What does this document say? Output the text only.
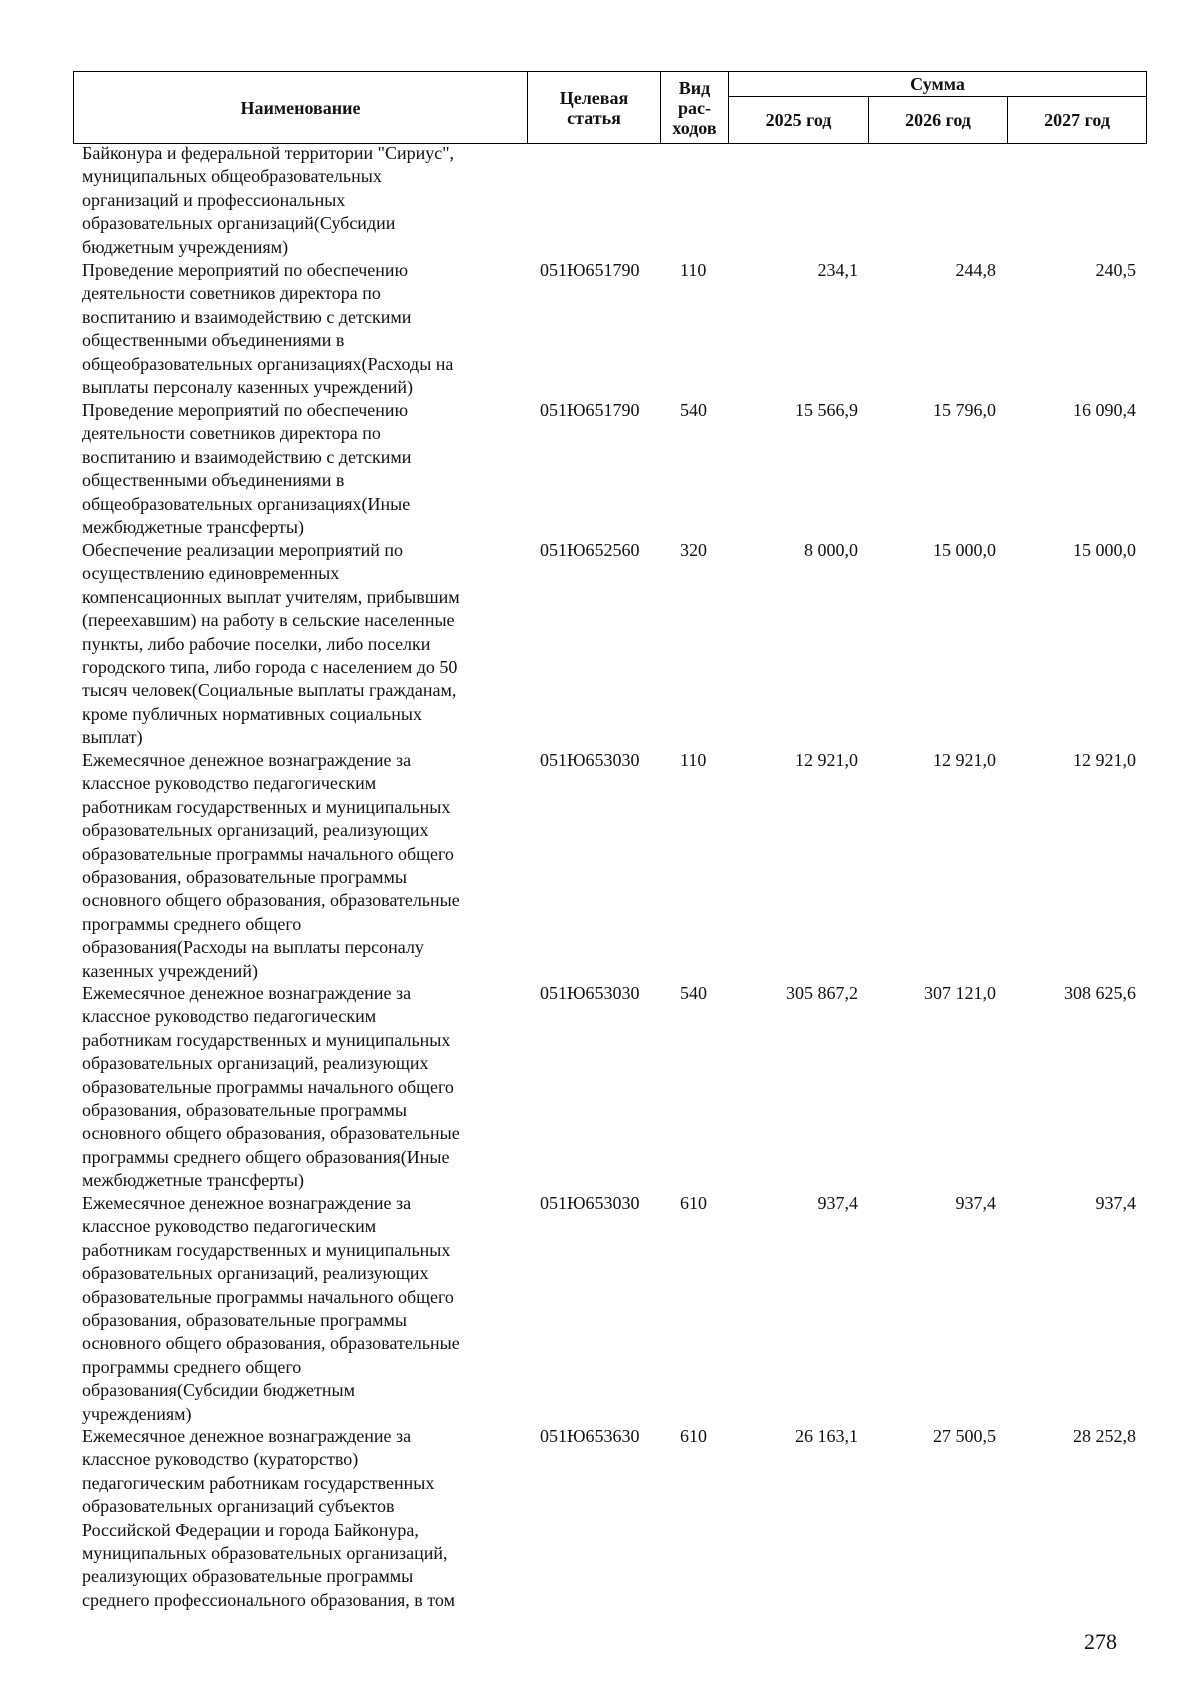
Наименование	Целевая статья	Вид рас-ходов	Сумма		
			2025 год	2026 год	2027 год
Байконура и федеральной территории "Сириус",
муниципальных общеобразовательных
организаций и профессиональных
образовательных организаций(Субсидии
бюджетным учреждениям)
Проведение мероприятий по обеспечению
деятельности советников директора по
воспитанию и взаимодействию с детскими
общественными объединениями в
общеобразовательных организациях(Расходы на
выплаты персоналу казенных учреждений)
051Ю651790 110	234,1	244,8	240,5
Проведение мероприятий по обеспечению
деятельности советников директора по
воспитанию и взаимодействию с детскими
общественными объединениями в
общеобразовательных организациях(Иные
межбюджетные трансферты)
051Ю651790 540	15 566,9	15 796,0	16 090,4
Обеспечение реализации мероприятий по
осуществлению единовременных
компенсационных выплат учителям, прибывшим
(переехавшим) на работу в сельские населенные
пункты, либо рабочие поселки, либо поселки
городского типа, либо города с населением до 50
тысяч человек(Социальные выплаты гражданам,
кроме публичных нормативных социальных
выплат)
051Ю652560 320	8 000,0	15 000,0	15 000,0
Ежемесячное денежное вознаграждение за
классное руководство педагогическим
работникам государственных и муниципальных
образовательных организаций, реализующих
образовательные программы начального общего
образования, образовательные программы
основного общего образования, образовательные
программы среднего общего
образования(Расходы на выплаты персоналу
казенных учреждений)
051Ю653030 110	12 921,0	12 921,0	12 921,0
Ежемесячное денежное вознаграждение за
классное руководство педагогическим
работникам государственных и муниципальных
образовательных организаций, реализующих
образовательные программы начального общего
образования, образовательные программы
основного общего образования, образовательные
программы среднего общего образования(Иные
межбюджетные трансферты)
051Ю653030 540	305 867,2	307 121,0	308 625,6
Ежемесячное денежное вознаграждение за
классное руководство педагогическим
работникам государственных и муниципальных
образовательных организаций, реализующих
образовательные программы начального общего
образования, образовательные программы
основного общего образования, образовательные
программы среднего общего
образования(Субсидии бюджетным
учреждениям)
051Ю653030 610	937,4	937,4	937,4
Ежемесячное денежное вознаграждение за
классное руководство (кураторство)
педагогическим работникам государственных
образовательных организаций субъектов
Российской Федерации и города Байконура,
муниципальных образовательных организаций,
реализующих образовательные программы
среднего профессионального образования, в том
051Ю653630 610	26 163,1	27 500,5	28 252,8
278
